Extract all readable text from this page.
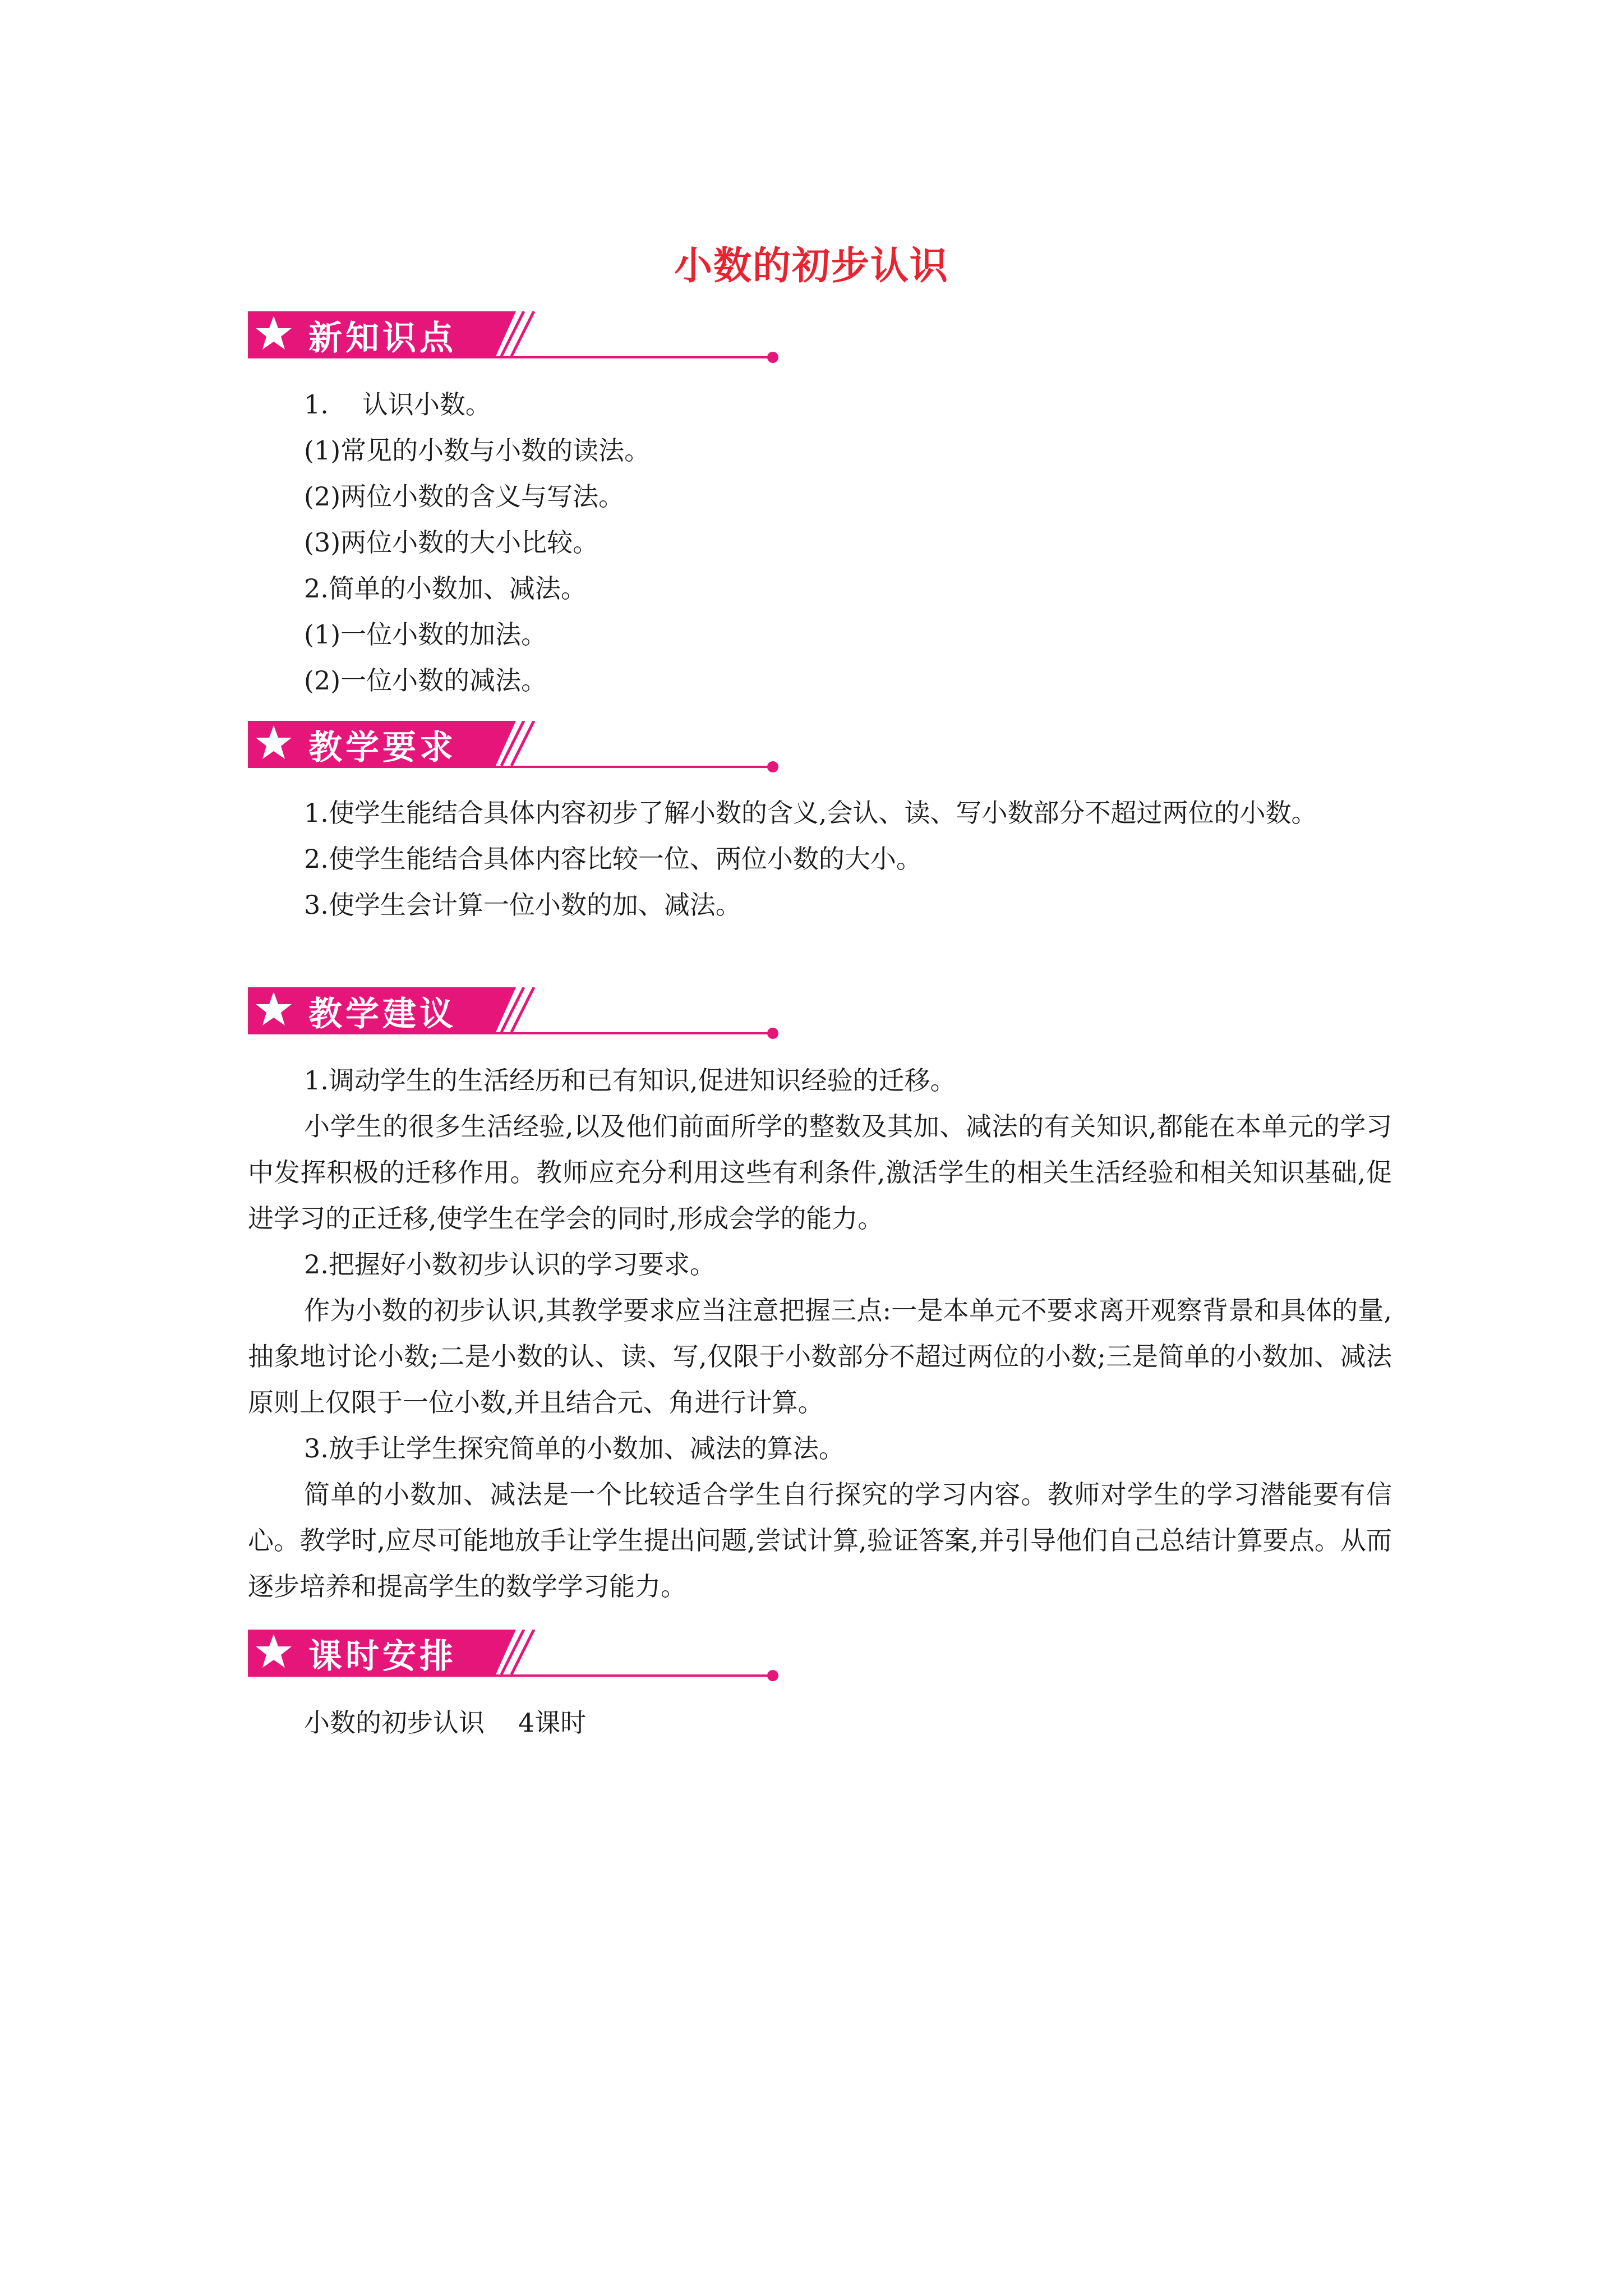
小数的初步认识
新知识点

1. 认识小数。

(1)常见的小数与小数的读法。

(2)两位小数的含义与写法。

(3)两位小数的大小比较。

2.简单的小数加、减法。

(1)一位小数的加法。

(2)一位小数的减法。

教学要求

1.使学生能结合具体内容初步了解小数的含义,会认、读、写小数部分不超过两位的小数。

2.使学生能结合具体内容比较一位、两位小数的大小。

3.使学生会计算一位小数的加、减法。

教学建议

1.调动学生的生活经历和已有知识,促进知识经验的迁移。

小学生的很多生活经验,以及他们前面所学的整数及其加、减法的有关知识,都能在本单元的学习中发挥积极的迁移作用。教师应充分利用这些有利条件,激活学生的相关生活经验和相关知识基础,促进学习的正迁移,使学生在学会的同时,形成会学的能力。

2.把握好小数初步认识的学习要求。

作为小数的初步认识,其教学要求应当注意把握三点:一是本单元不要求离开观察背景和具体的量,抽象地讨论小数;二是小数的认、读、写,仅限于小数部分不超过两位的小数;三是简单的小数加、减法原则上仅限于一位小数,并且结合元、角进行计算。

3.放手让学生探究简单的小数加、减法的算法。

简单的小数加、减法是一个比较适合学生自行探究的学习内容。教师对学生的学习潜能要有信心。教学时,应尽可能地放手让学生提出问题,尝试计算,验证答案,并引导他们自己总结计算要点。从而逐步培养和提高学生的数学学习能力。

课时安排

小数的初步认识 4课时
